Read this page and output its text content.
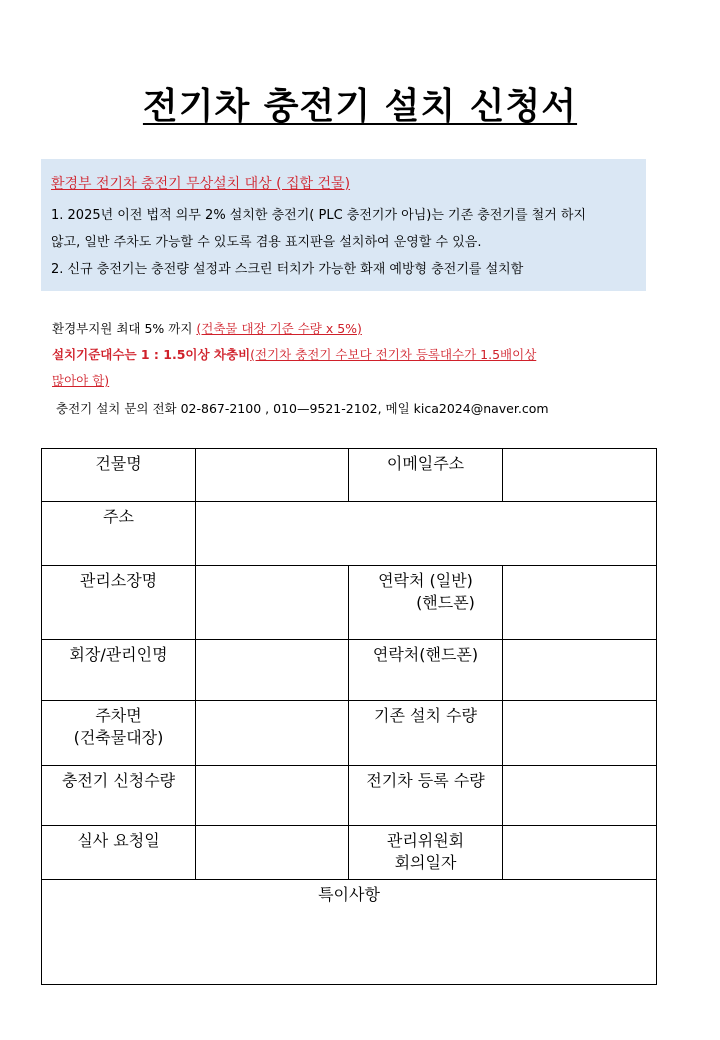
전기차 충전기 설치 신청서
환경부 전기차 충전기 무상설치 대상 ( 집합 건물)
1. 2025년 이전 법적 의무 2% 설치한 충전기( PLC 충전기가 아님)는 기존 충전기를 철거 하지
않고, 일반 주차도 가능할 수 있도록 겸용 표지판을 설치하여 운영할 수 있음.
2. 신규 충전기는 충전량 설정과 스크린 터치가 가능한 화재 예방형 충전기를 설치함
환경부지원 최대 5% 까지 (건축물 대장 기준 수량 x 5%)
설치기준대수는 1 : 1.5이상 차충비(전기차 충전기 수보다 전기차 등록대수가 1.5배이상
많아야 함)
충전기 설치 문의 전화 02-867-2100 , 010—9521-2102, 메일 kica2024@naver.com
건물명		이메일주소	
주소			
관리소장명		연락처 (일반)
(핸드폰)	

회장/관리인명		연락처(핸드폰)	

주차면
(건축물대장)		기존 설치 수량	
충전기 신청수량		전기차 등록 수량	
실사 요청일		관리위원회
회의일자	

특이사항			
